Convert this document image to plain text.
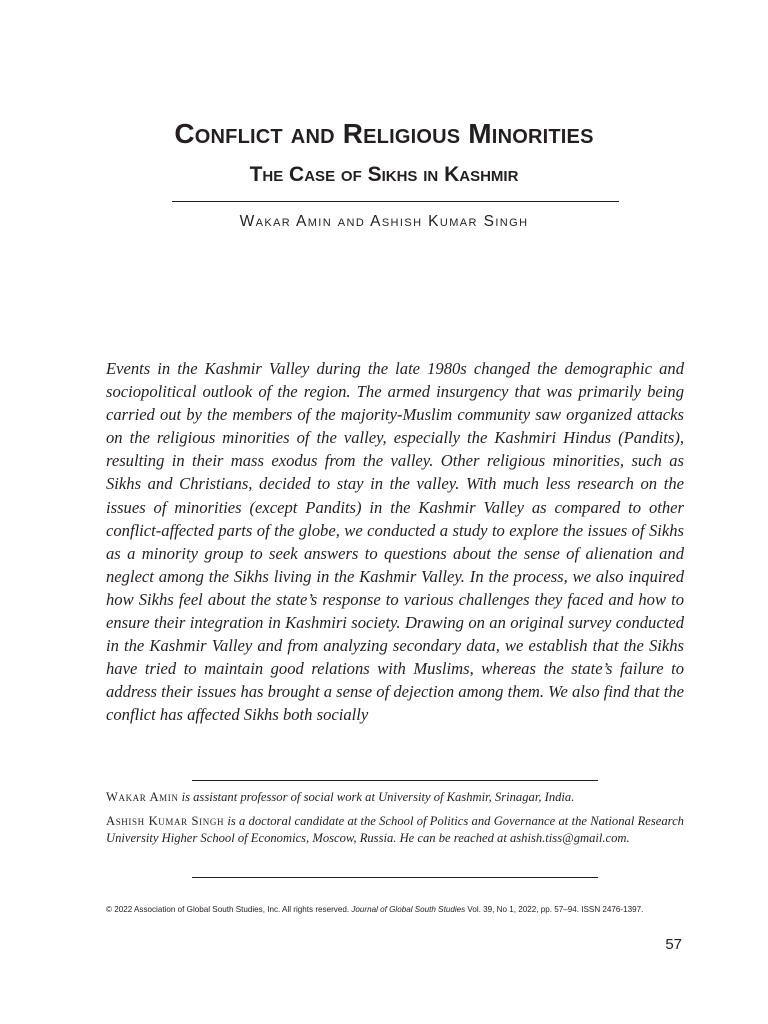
Conflict and Religious Minorities
The Case of Sikhs in Kashmir
Wakar Amin and Ashish Kumar Singh

Events in the Kashmir Valley during the late 1980s changed the demographic and sociopolitical outlook of the region. The armed insurgency that was primarily being carried out by the members of the majority-Muslim community saw organized attacks on the religious minorities of the valley, especially the Kashmiri Hindus (Pandits), resulting in their mass exodus from the valley. Other religious minorities, such as Sikhs and Christians, decided to stay in the valley. With much less research on the issues of minorities (except Pandits) in the Kashmir Valley as compared to other conflict-affected parts of the globe, we conducted a study to explore the issues of Sikhs as a minority group to seek answers to questions about the sense of alienation and neglect among the Sikhs living in the Kashmir Valley. In the process, we also inquired how Sikhs feel about the state’s response to various challenges they faced and how to ensure their integration in Kashmiri society. Drawing on an original survey conducted in the Kashmir Valley and from analyzing secondary data, we establish that the Sikhs have tried to maintain good relations with Muslims, whereas the state’s failure to address their issues has brought a sense of dejection among them. We also find that the conflict has affected Sikhs both socially

Wakar Amin is assistant professor of social work at University of Kashmir, Srinagar, India.

Ashish Kumar Singh is a doctoral candidate at the School of Politics and Governance at the National Research University Higher School of Economics, Moscow, Russia. He can be reached at ashish.tiss@gmail.com.

© 2022 Association of Global South Studies, Inc. All rights reserved. Journal of Global South Studies Vol. 39, No 1, 2022, pp. 57–94. ISSN 2476-1397.
57
